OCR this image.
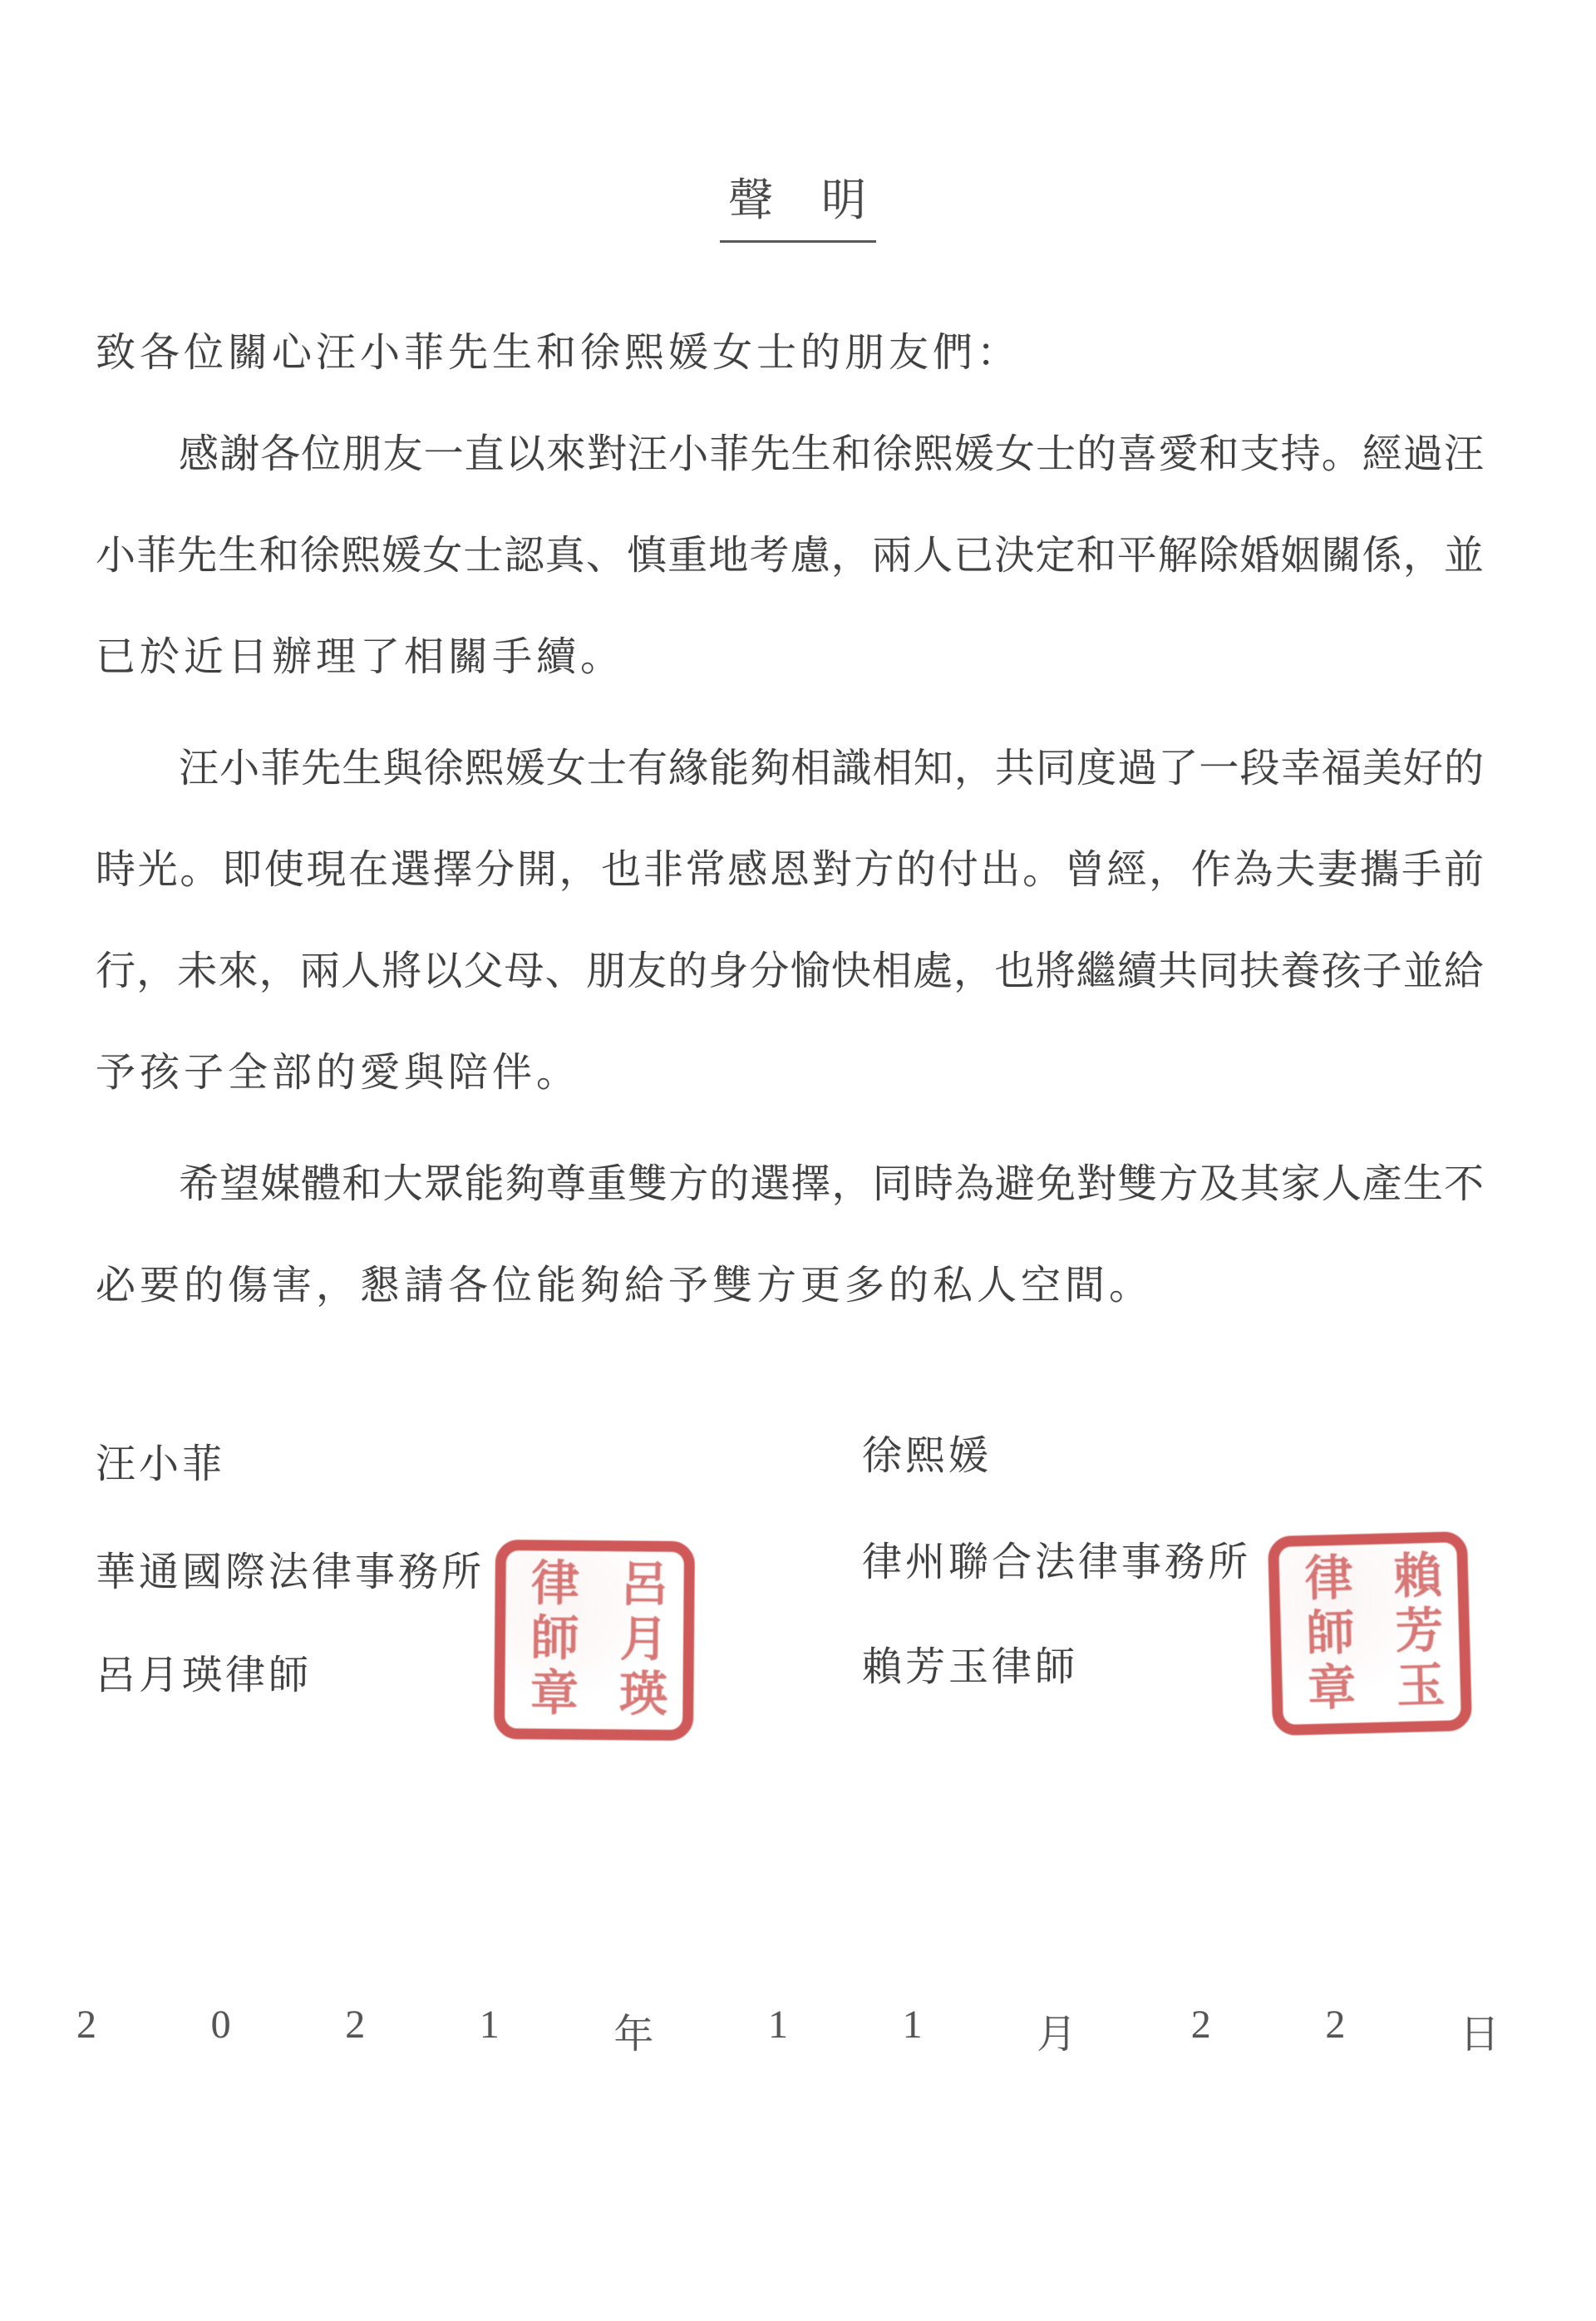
聲　明
致各位關心汪小菲先生和徐熙媛女士的朋友們：
感謝各位朋友一直以來對汪小菲先生和徐熙媛女士的喜愛和支持。經過汪
小菲先生和徐熙媛女士認真、慎重地考慮，兩人已決定和平解除婚姻關係，並
已於近日辦理了相關手續。
汪小菲先生與徐熙媛女士有緣能夠相識相知，共同度過了一段幸福美好的
時光。即使現在選擇分開，也非常感恩對方的付出。曾經，作為夫妻攜手前
行，未來，兩人將以父母、朋友的身分愉快相處，也將繼續共同扶養孩子並給
予孩子全部的愛與陪伴。
希望媒體和大眾能夠尊重雙方的選擇，同時為避免對雙方及其家人產生不
必要的傷害，懇請各位能夠給予雙方更多的私人空間。
汪小菲
華通國際法律事務所
呂月瑛律師
徐熙媛
律州聯合法律事務所
賴芳玉律師
呂月瑛
律師章	賴芳玉
律師章
2	0	2	1	年	1	1	月	2	2	日
